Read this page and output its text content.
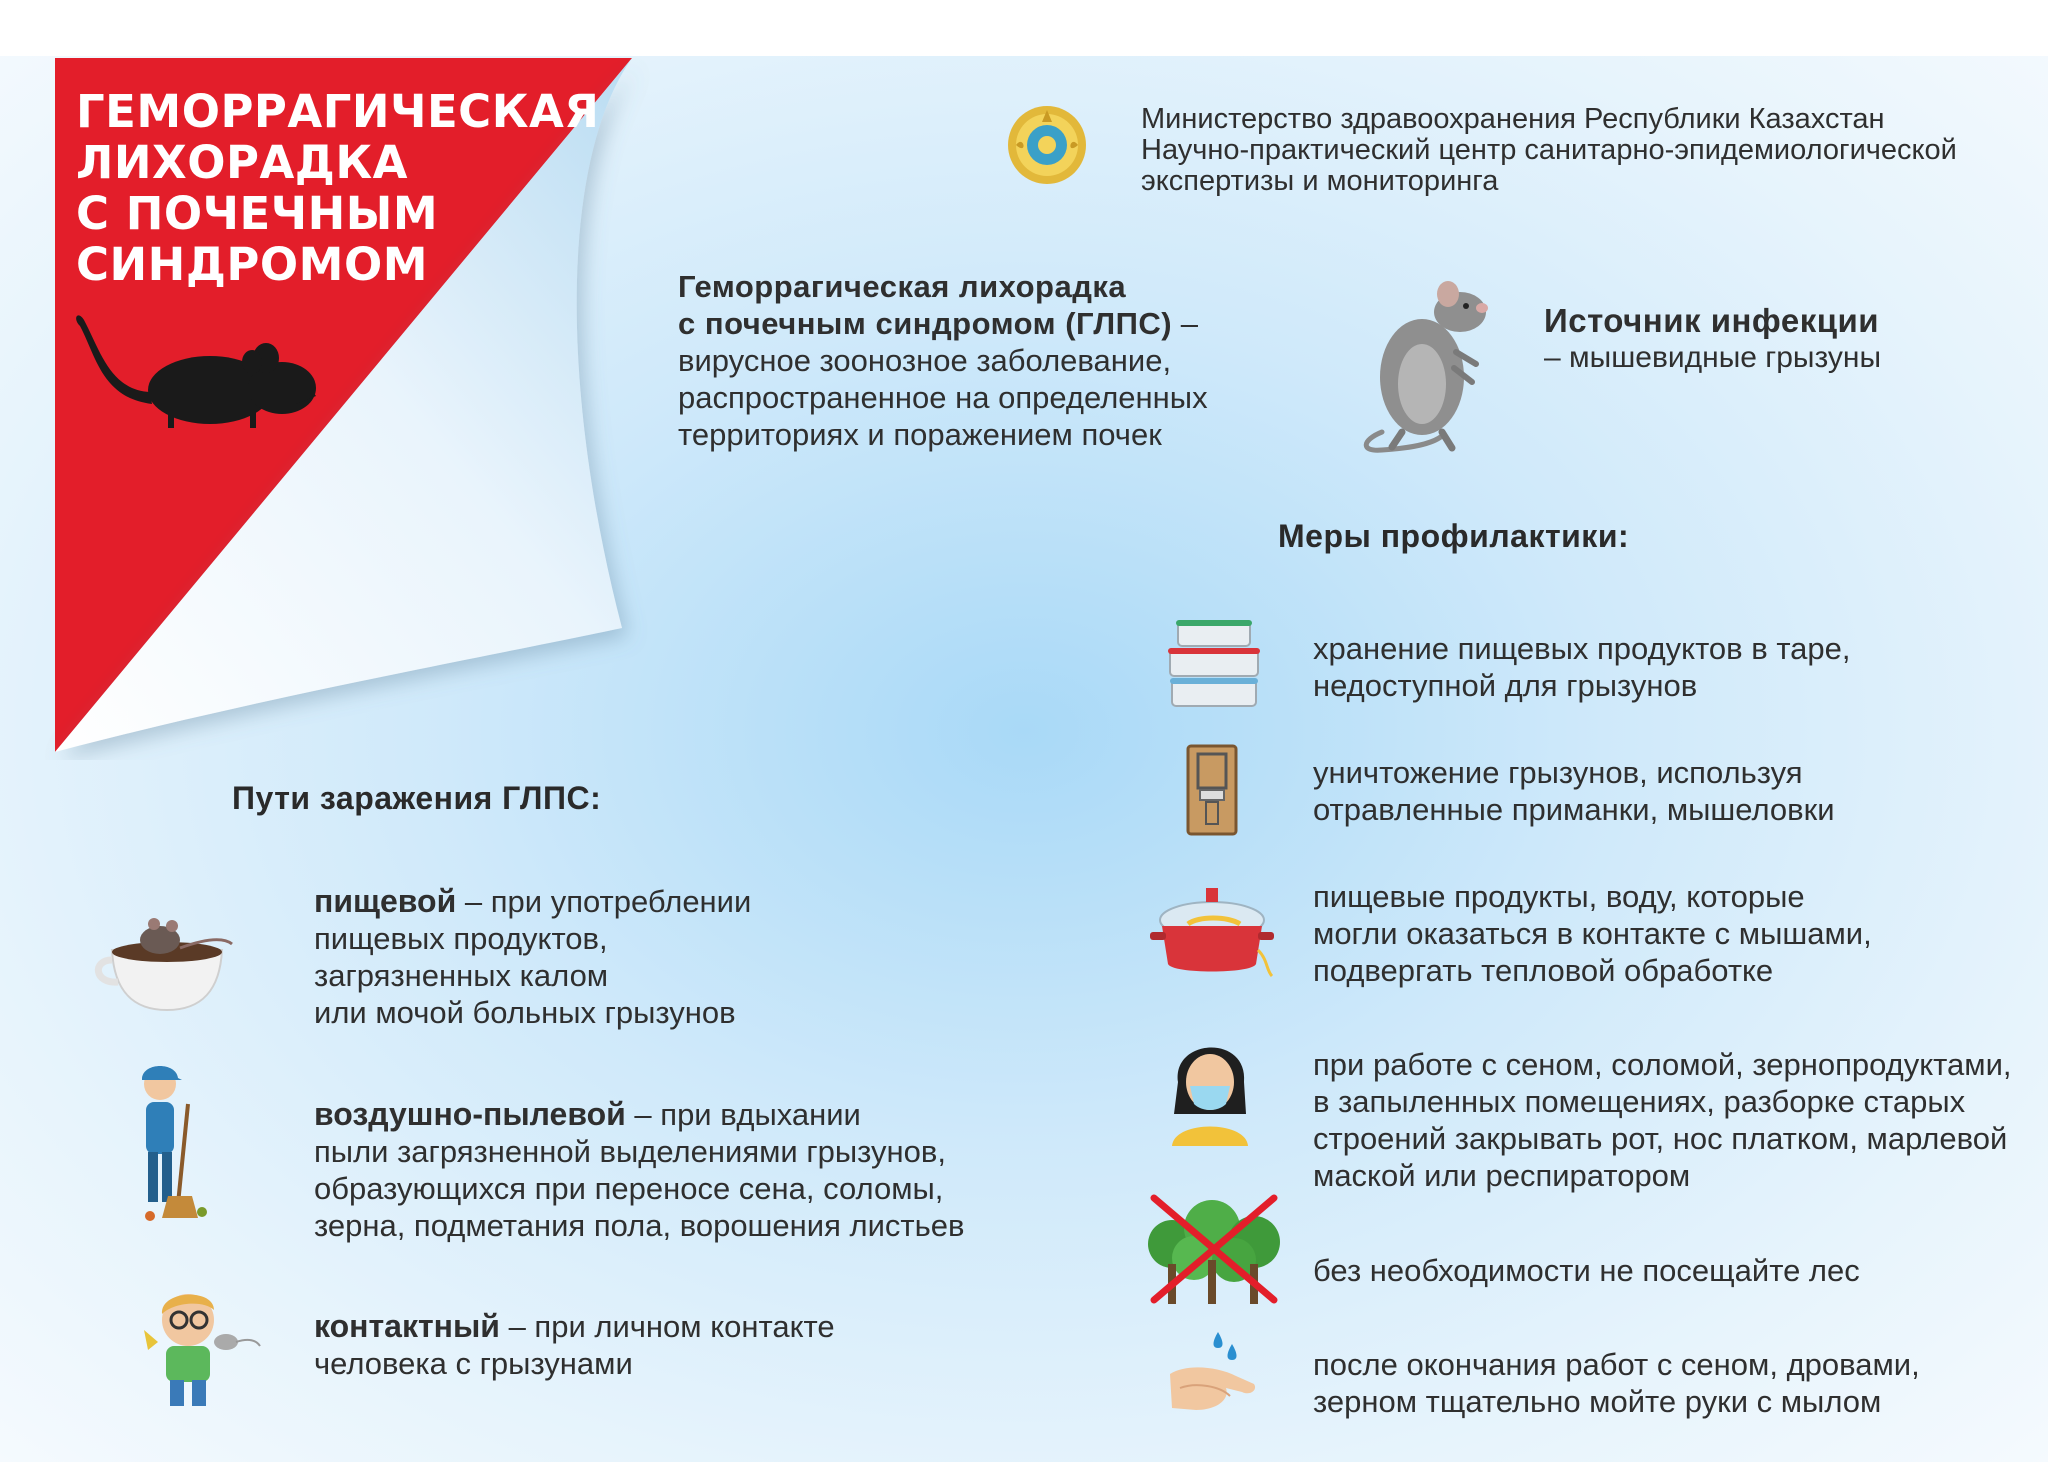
ГЕМОРРАГИЧЕСКАЯ
ЛИХОРАДКА
С ПОЧЕЧНЫМ
СИНДРОМОМ
Министерство здравоохранения Республики Казахстан
Научно-практический центр санитарно-эпидемиологической
экспертизы и мониторинга
Геморрагическая лихорадка
с почечным синдромом (ГЛПС) –
вирусное зоонозное заболевание,
распространенное на определенных
территориях и поражением почек
Источник инфекции
– мышевидные грызуны
Меры профилактики:
Пути заражения ГЛПС:
пищевой – при употреблении
пищевых продуктов,
загрязненных калом
или мочой больных грызунов
воздушно-пылевой – при вдыхании
пыли загрязненной выделениями грызунов,
образующихся при переносе сена, соломы,
зерна, подметания пола, ворошения листьев
контактный – при личном контакте
человека с грызунами
хранение пищевых продуктов в таре,
недоступной для грызунов
уничтожение грызунов, используя
отравленные приманки, мышеловки
пищевые продукты, воду, которые
могли оказаться в контакте с мышами,
подвергать тепловой обработке
при работе с сеном, соломой, зернопродуктами,
в запыленных помещениях, разборке старых
строений закрывать рот, нос платком, марлевой
маской или респиратором
без необходимости не посещайте лес
после окончания работ с сеном, дровами,
зерном тщательно мойте руки с мылом
